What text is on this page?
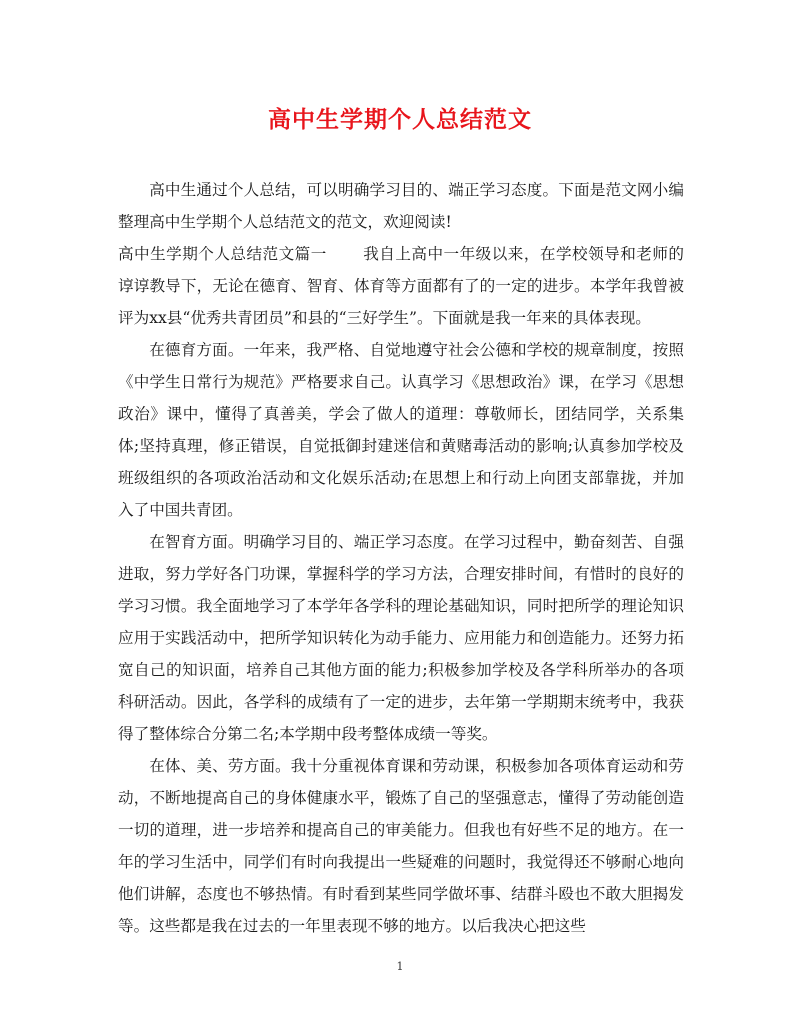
高中生学期个人总结范文

高中生通过个人总结，可以明确学习目的、端正学习态度。下面是范文网小编整理高中生学期个人总结范文的范文，欢迎阅读!

高中生学期个人总结范文篇一 我自上高中一年级以来，在学校领导和老师的谆谆教导下，无论在德育、智育、体育等方面都有了的一定的进步。本学年我曾被评为xx县“优秀共青团员”和县的“三好学生”。下面就是我一年来的具体表现。

在德育方面。一年来，我严格、自觉地遵守社会公德和学校的规章制度，按照《中学生日常行为规范》严格要求自己。认真学习《思想政治》课，在学习《思想政治》课中，懂得了真善美，学会了做人的道理：尊敬师长，团结同学，关系集体;坚持真理，修正错误，自觉抵御封建迷信和黄赌毒活动的影响;认真参加学校及班级组织的各项政治活动和文化娱乐活动;在思想上和行动上向团支部靠拢，并加入了中国共青团。

在智育方面。明确学习目的、端正学习态度。在学习过程中，勤奋刻苦、自强进取，努力学好各门功课，掌握科学的学习方法，合理安排时间，有惜时的良好的学习习惯。我全面地学习了本学年各学科的理论基础知识，同时把所学的理论知识应用于实践活动中，把所学知识转化为动手能力、应用能力和创造能力。还努力拓宽自己的知识面，培养自己其他方面的能力;积极参加学校及各学科所举办的各项科研活动。因此，各学科的成绩有了一定的进步，去年第一学期期末统考中，我获得了整体综合分第二名;本学期中段考整体成绩一等奖。

在体、美、劳方面。我十分重视体育课和劳动课，积极参加各项体育运动和劳动，不断地提高自己的身体健康水平，锻炼了自己的坚强意志，懂得了劳动能创造一切的道理，进一步培养和提高自己的审美能力。但我也有好些不足的地方。在一年的学习生活中，同学们有时向我提出一些疑难的问题时，我觉得还不够耐心地向他们讲解，态度也不够热情。有时看到某些同学做坏事、结群斗殴也不敢大胆揭发等。这些都是我在过去的一年里表现不够的地方。以后我决心把这些

1
